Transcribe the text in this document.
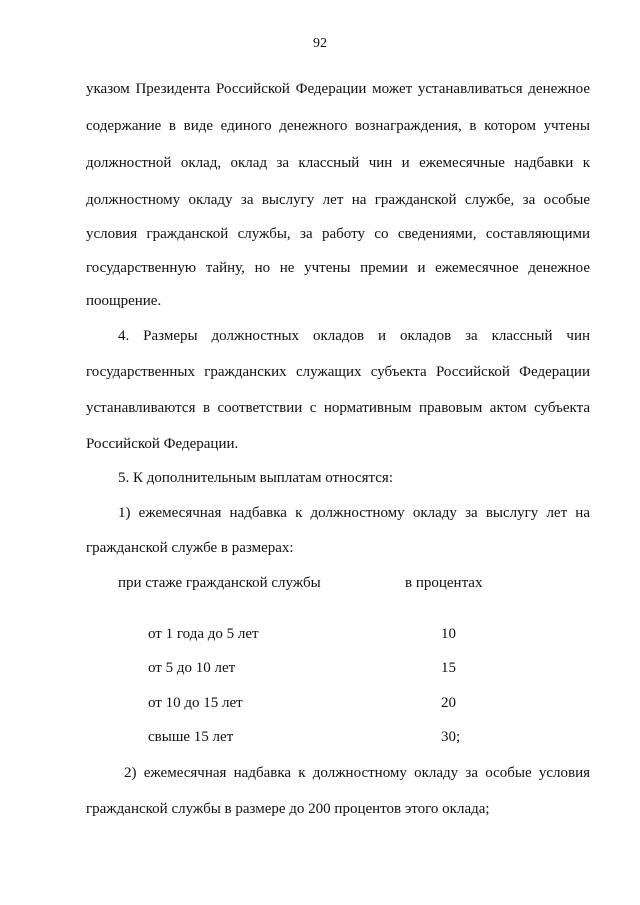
92
указом Президента Российской Федерации может устанавливаться денежное
содержание в виде единого денежного вознаграждения, в котором учтены
должностной оклад, оклад за классный чин и ежемесячные надбавки к
должностному окладу за выслугу лет на гражданской службе, за особые
условия гражданской службы, за работу со сведениями, составляющими
государственную тайну, но не учтены премии и ежемесячное денежное
поощрение.
4. Размеры должностных окладов и окладов за классный чин
государственных гражданских служащих субъекта Российской Федерации
устанавливаются в соответствии с нормативным правовым актом субъекта
Российской Федерации.
5. К дополнительным выплатам относятся:
1) ежемесячная надбавка к должностному окладу за выслугу лет на
гражданской службе в размерах:
при стаже гражданской службы	в процентах
от 1 года до 5 лет	10
от 5 до 10 лет	15
от 10 до 15 лет	20
свыше 15 лет	30;
2) ежемесячная надбавка к должностному окладу за особые условия
гражданской службы в размере до 200 процентов этого оклада;
